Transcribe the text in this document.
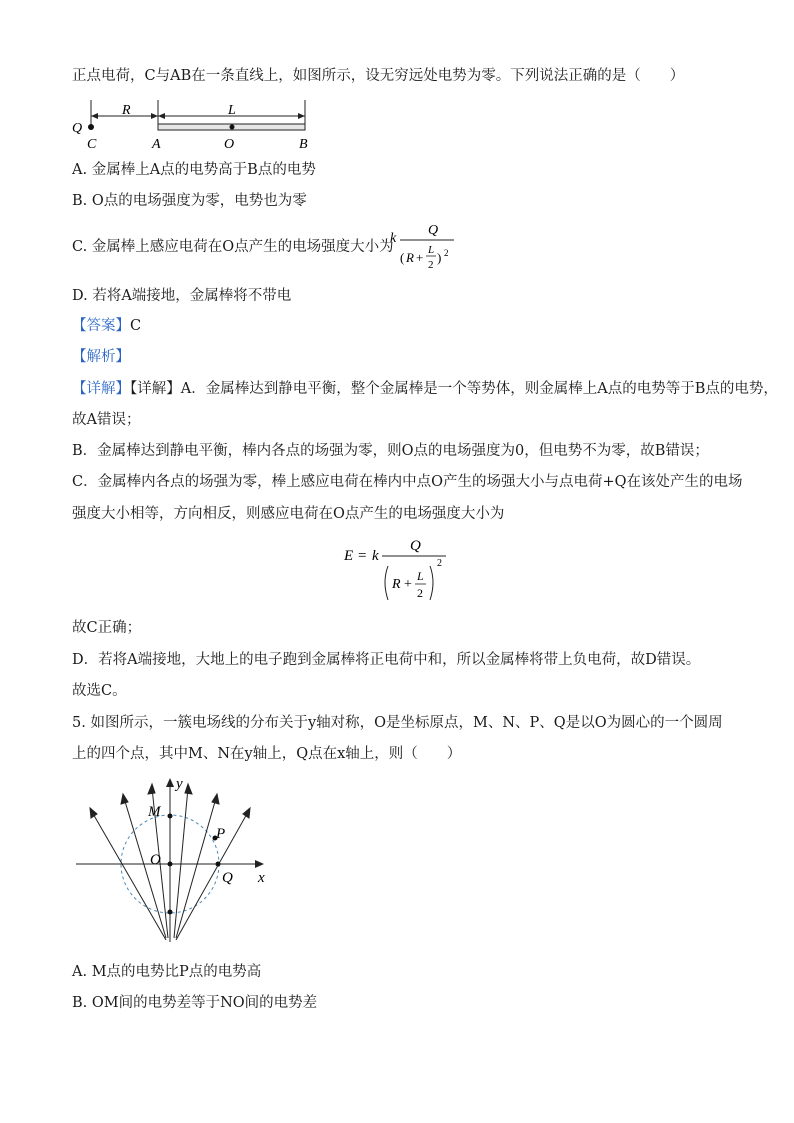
正点电荷，C与AB在一条直线上，如图所示，设无穷远处电势为零。下列说法正确的是（　　）
R	L
Q
C	A	O	B
A. 金属棒上A点的电势高于B点的电势
B. O点的电场强度为零，电势也为零
C. 金属棒上感应电荷在O点产生的电场强度大小为
k
Q
( R + L
2 ) 2
D. 若将A端接地，金属棒将不带电
【答案】C
【解析】
【详解】【详解】A．金属棒达到静电平衡，整个金属棒是一个等势体，则金属棒上A点的电势等于B点的电势，
故A错误；
B．金属棒达到静电平衡，棒内各点的场强为零，则O点的电场强度为0，但电势不为零，故B错误；
C．金属棒内各点的场强为零，棒上感应电荷在棒内中点O产生的场强大小与点电荷+Q在该处产生的电场
强度大小相等，方向相反，则感应电荷在O点产生的电场强度大小为
E = k
Q
R +
L
2
2
故C正确；
D．若将A端接地，大地上的电子跑到金属棒将正电荷中和，所以金属棒将带上负电荷，故D错误。
故选C。
5. 如图所示，一簇电场线的分布关于y轴对称，O是坐标原点，M、N、P、Q是以O为圆心的一个圆周
上的四个点，其中M、N在y轴上，Q点在x轴上，则（　　）
y
x
M
O
P
Q
A. M点的电势比P点的电势高
B. OM间的电势差等于NO间的电势差
